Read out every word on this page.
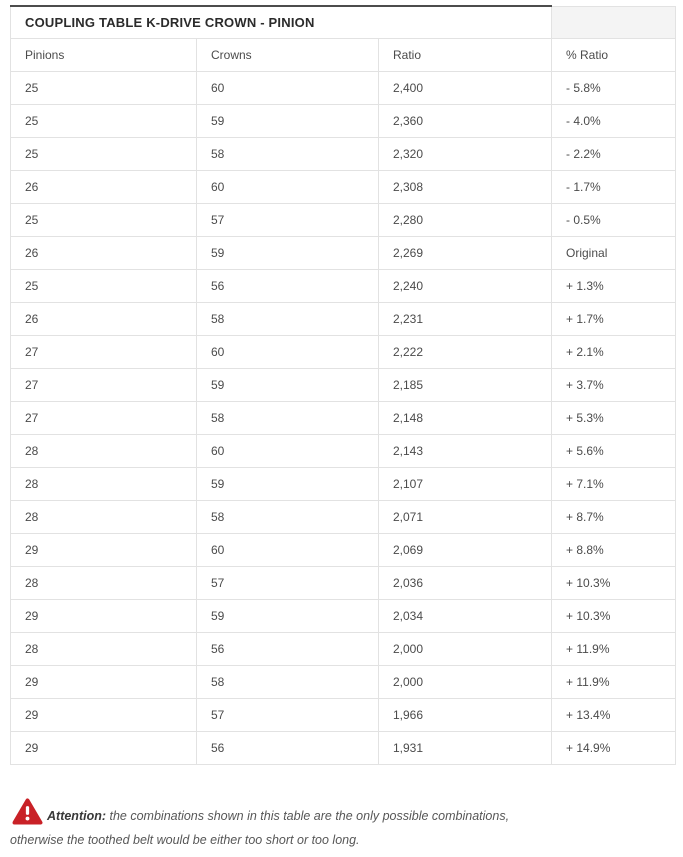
COUPLING TABLE K-DRIVE CROWN - PINION			
Pinions	Crowns	Ratio	% Ratio
25	60	2,400	- 5.8%
25	59	2,360	- 4.0%
25	58	2,320	- 2.2%
26	60	2,308	- 1.7%
25	57	2,280	- 0.5%
26	59	2,269	Original
25	56	2,240	+ 1.3%
26	58	2,231	+ 1.7%
27	60	2,222	+ 2.1%
27	59	2,185	+ 3.7%
27	58	2,148	+ 5.3%
28	60	2,143	+ 5.6%
28	59	2,107	+ 7.1%
28	58	2,071	+ 8.7%
29	60	2,069	+ 8.8%
28	57	2,036	+ 10.3%
29	59	2,034	+ 10.3%
28	56	2,000	+ 11.9%
29	58	2,000	+ 11.9%
29	57	1,966	+ 13.4%
29	56	1,931	+ 14.9%

Attention: the combinations shown in this table are the only possible combinations,
otherwise the toothed belt would be either too short or too long.
